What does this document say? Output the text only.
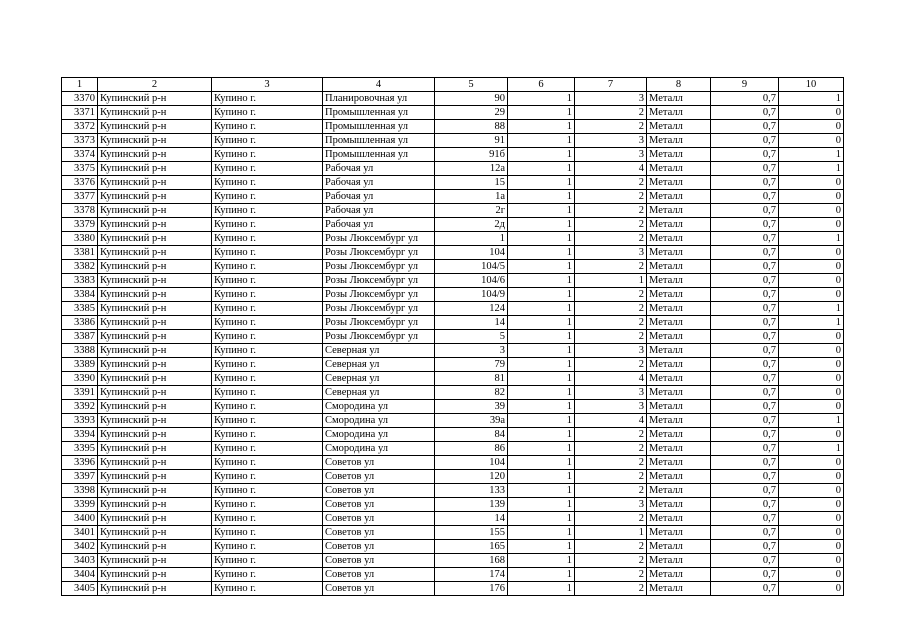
1	2	3	4	5	6	7	8	9	10
3370	Купинский р-н	Купино г.	Планировочная ул	90	1	3	Металл	0,7	1
3371	Купинский р-н	Купино г.	Промышленная ул	29	1	2	Металл	0,7	0
3372	Купинский р-н	Купино г.	Промышленная ул	88	1	2	Металл	0,7	0
3373	Купинский р-н	Купино г.	Промышленная ул	91	1	3	Металл	0,7	0
3374	Купинский р-н	Купино г.	Промышленная ул	91б	1	3	Металл	0,7	1
3375	Купинский р-н	Купино г.	Рабочая ул	12а	1	4	Металл	0,7	1
3376	Купинский р-н	Купино г.	Рабочая ул	15	1	2	Металл	0,7	0
3377	Купинский р-н	Купино г.	Рабочая ул	1а	1	2	Металл	0,7	0
3378	Купинский р-н	Купино г.	Рабочая ул	2г	1	2	Металл	0,7	0
3379	Купинский р-н	Купино г.	Рабочая ул	2д	1	2	Металл	0,7	0
3380	Купинский р-н	Купино г.	Розы Люксембург ул	1	1	2	Металл	0,7	1
3381	Купинский р-н	Купино г.	Розы Люксембург ул	104	1	3	Металл	0,7	0
3382	Купинский р-н	Купино г.	Розы Люксембург ул	104/5	1	2	Металл	0,7	0
3383	Купинский р-н	Купино г.	Розы Люксембург ул	104/6	1	1	Металл	0,7	0
3384	Купинский р-н	Купино г.	Розы Люксембург ул	104/9	1	2	Металл	0,7	0
3385	Купинский р-н	Купино г.	Розы Люксембург ул	124	1	2	Металл	0,7	1
3386	Купинский р-н	Купино г.	Розы Люксембург ул	14	1	2	Металл	0,7	1
3387	Купинский р-н	Купино г.	Розы Люксембург ул	5	1	2	Металл	0,7	0
3388	Купинский р-н	Купино г.	Северная ул	3	1	3	Металл	0,7	0
3389	Купинский р-н	Купино г.	Северная ул	79	1	2	Металл	0,7	0
3390	Купинский р-н	Купино г.	Северная ул	81	1	4	Металл	0,7	0
3391	Купинский р-н	Купино г.	Северная ул	82	1	3	Металл	0,7	0
3392	Купинский р-н	Купино г.	Смородина ул	39	1	3	Металл	0,7	0
3393	Купинский р-н	Купино г.	Смородина ул	39а	1	4	Металл	0,7	1
3394	Купинский р-н	Купино г.	Смородина ул	84	1	2	Металл	0,7	0
3395	Купинский р-н	Купино г.	Смородина ул	86	1	2	Металл	0,7	1
3396	Купинский р-н	Купино г.	Советов ул	104	1	2	Металл	0,7	0
3397	Купинский р-н	Купино г.	Советов ул	120	1	2	Металл	0,7	0
3398	Купинский р-н	Купино г.	Советов ул	133	1	2	Металл	0,7	0
3399	Купинский р-н	Купино г.	Советов ул	139	1	3	Металл	0,7	0
3400	Купинский р-н	Купино г.	Советов ул	14	1	2	Металл	0,7	0
3401	Купинский р-н	Купино г.	Советов ул	155	1	1	Металл	0,7	0
3402	Купинский р-н	Купино г.	Советов ул	165	1	2	Металл	0,7	0
3403	Купинский р-н	Купино г.	Советов ул	168	1	2	Металл	0,7	0
3404	Купинский р-н	Купино г.	Советов ул	174	1	2	Металл	0,7	0
3405	Купинский р-н	Купино г.	Советов ул	176	1	2	Металл	0,7	0
